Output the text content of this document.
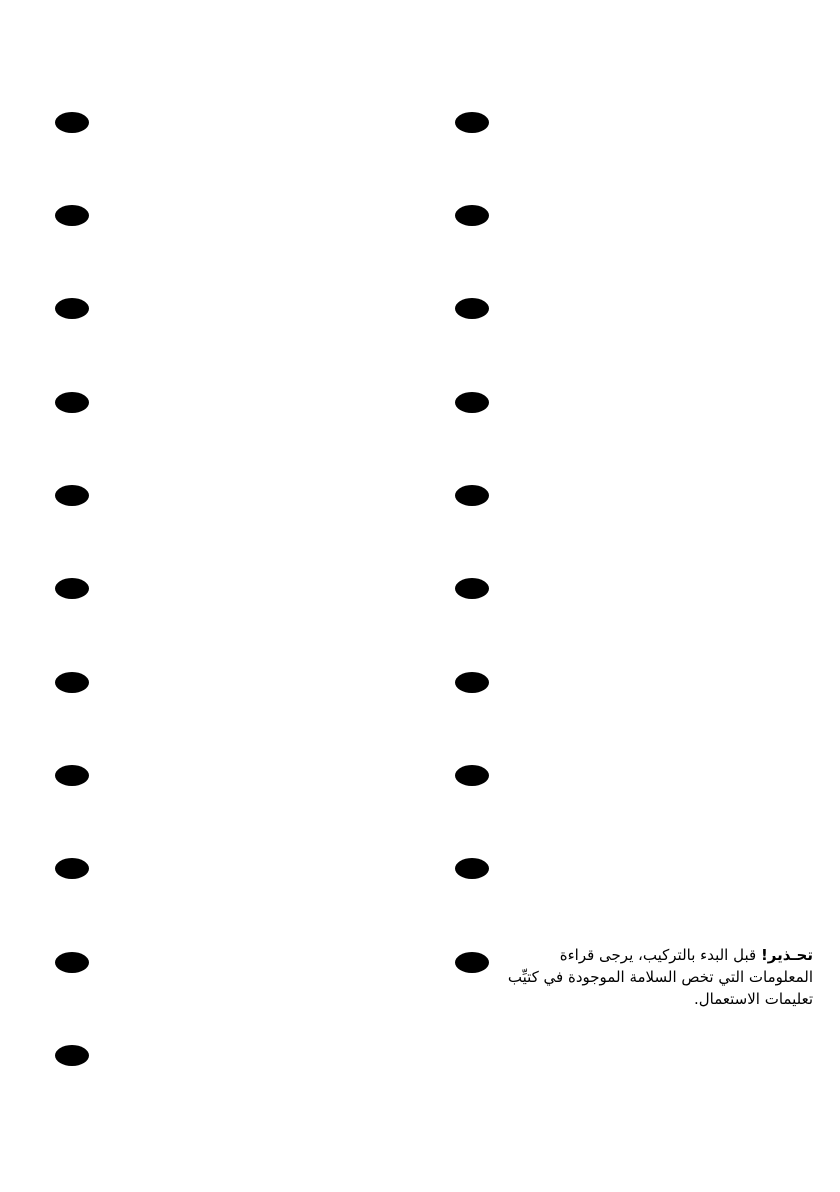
تحـذير! قبل البدء بالتركيب، يرجى قراءة المعلومات التي تخص السلامة الموجودة في كتيِّب تعليمات الاستعمال.
